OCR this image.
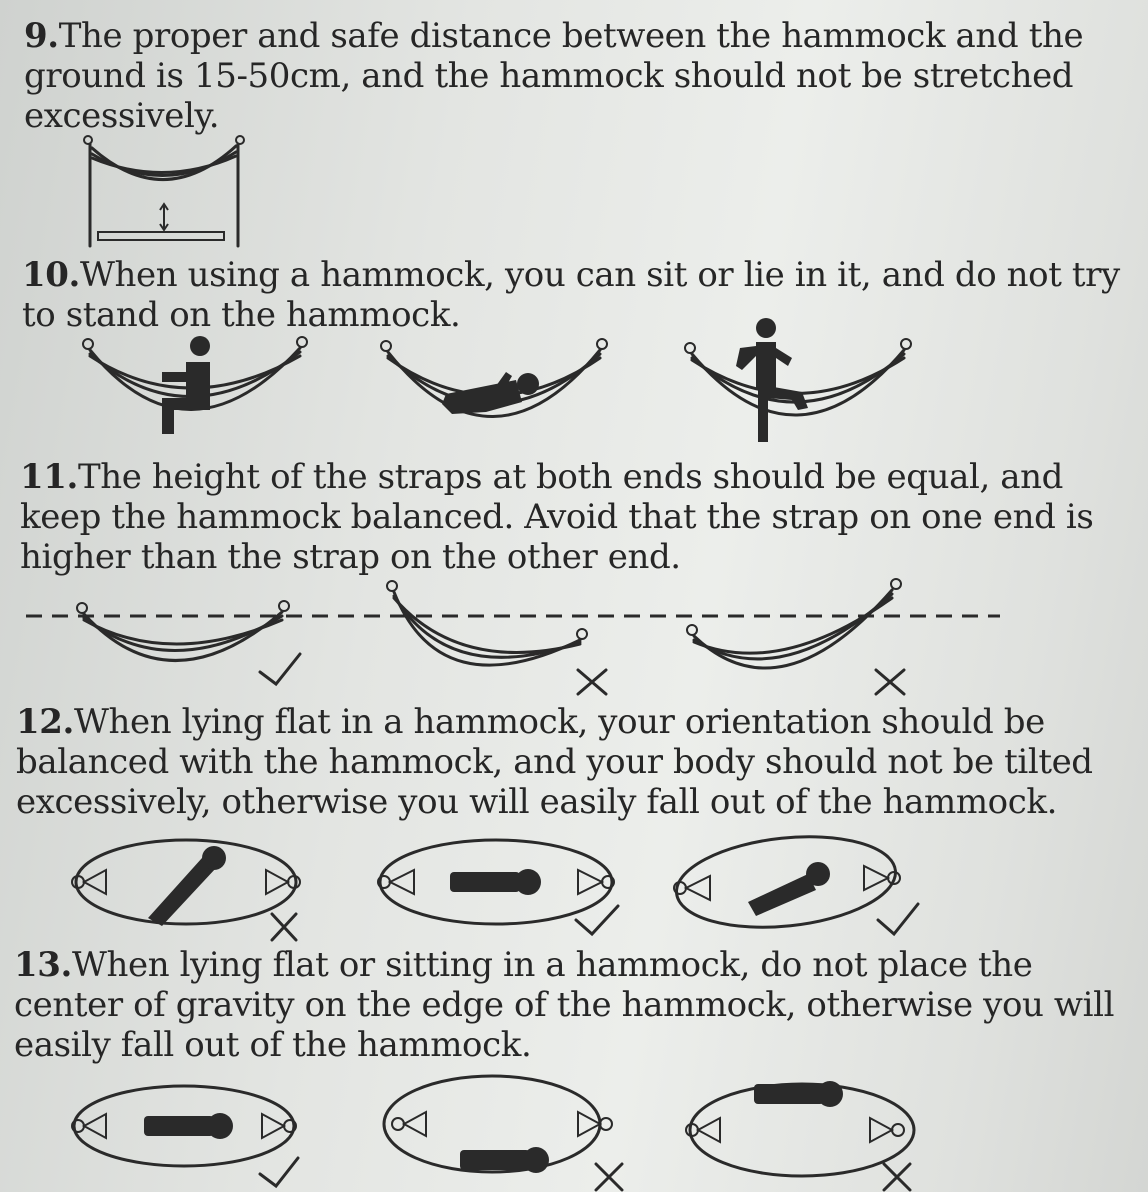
9.The proper and safe distance between the hammock and the ground is 15-50cm, and the hammock should not be stretched excessively.

10.When using a hammock, you can sit or lie in it, and do not try to stand on the hammock.

11.The height of the straps at both ends should be equal, and keep the hammock balanced. Avoid that the strap on one end is higher than the strap on the other end.

12.When lying flat in a hammock, your orientation should be balanced with the hammock, and your body should not be tilted excessively, otherwise you will easily fall out of the hammock.

13.When lying flat or sitting in a hammock, do not place the center of gravity on the edge of the hammock, otherwise you will easily fall out of the hammock.
